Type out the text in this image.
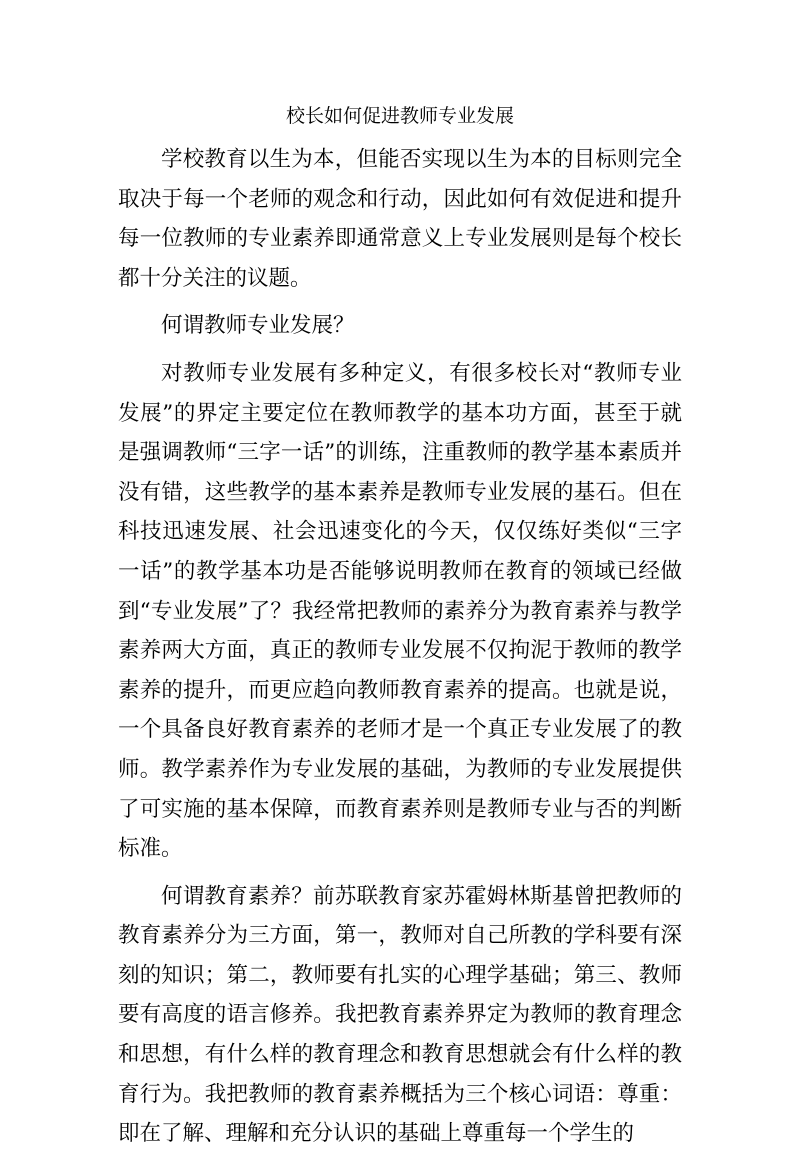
校长如何促进教师专业发展

学校教育以生为本，但能否实现以生为本的目标则完全取决于每一个老师的观念和行动，因此如何有效促进和提升每一位教师的专业素养即通常意义上专业发展则是每个校长都十分关注的议题。

何谓教师专业发展？

对教师专业发展有多种定义，有很多校长对“教师专业发展”的界定主要定位在教师教学的基本功方面，甚至于就是强调教师“三字一话”的训练，注重教师的教学基本素质并没有错，这些教学的基本素养是教师专业发展的基石。但在科技迅速发展、社会迅速变化的今天，仅仅练好类似“三字一话”的教学基本功是否能够说明教师在教育的领域已经做到“专业发展”了？我经常把教师的素养分为教育素养与教学素养两大方面，真正的教师专业发展不仅拘泥于教师的教学素养的提升，而更应趋向教师教育素养的提高。也就是说，一个具备良好教育素养的老师才是一个真正专业发展了的教师。教学素养作为专业发展的基础，为教师的专业发展提供了可实施的基本保障，而教育素养则是教师专业与否的判断标准。

何谓教育素养？前苏联教育家苏霍姆林斯基曾把教师的教育素养分为三方面，第一，教师对自己所教的学科要有深刻的知识；第二，教师要有扎实的心理学基础；第三、教师要有高度的语言修养。我把教育素养界定为教师的教育理念和思想，有什么样的教育理念和教育思想就会有什么样的教育行为。我把教师的教育素养概括为三个核心词语：尊重：即在了解、理解和充分认识的基础上尊重每一个学生的
